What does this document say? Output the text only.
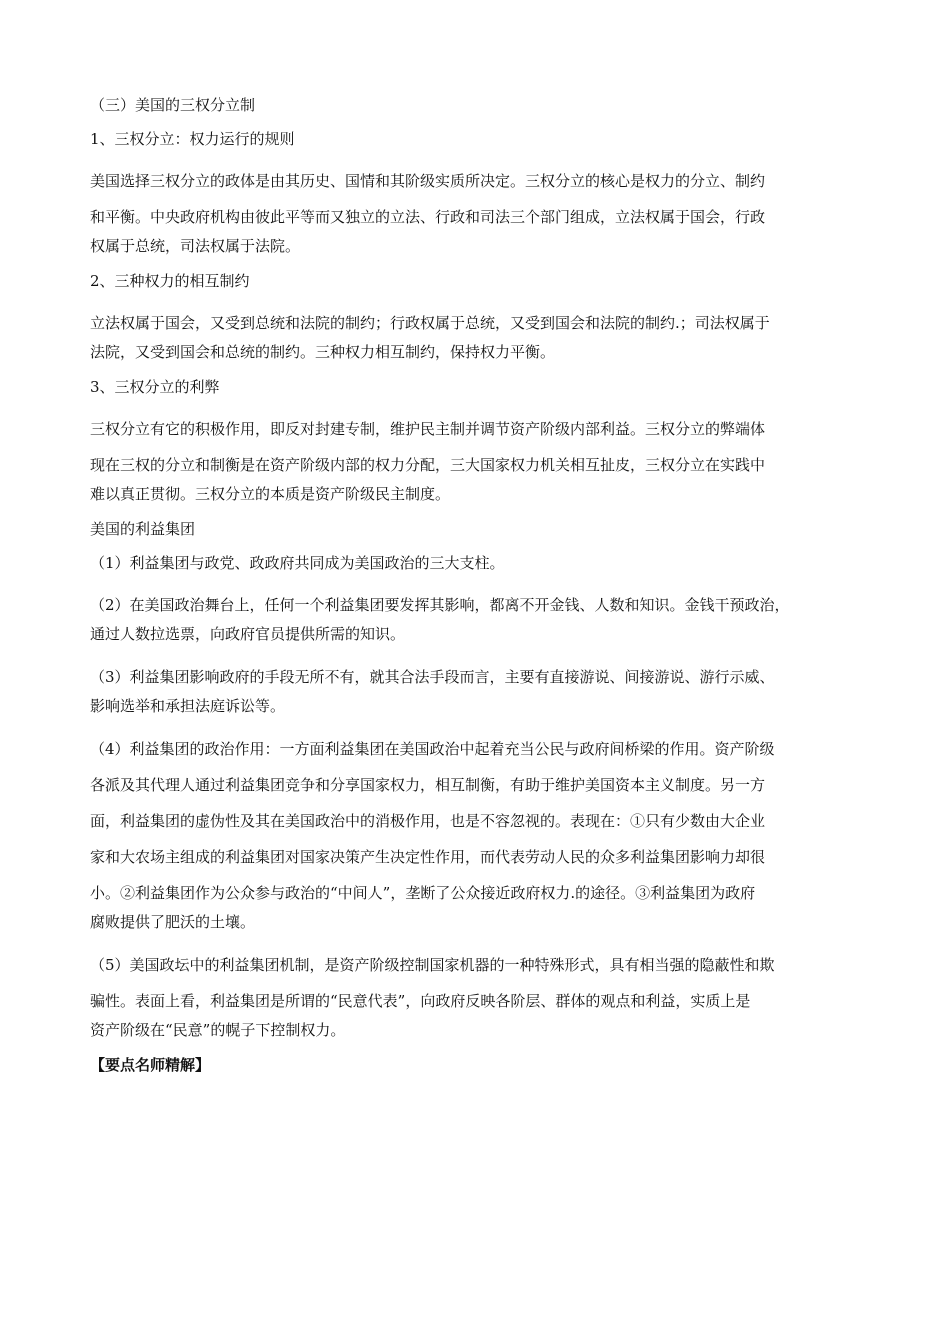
（三）美国的三权分立制
1、三权分立：权力运行的规则
美国选择三权分立的政体是由其历史、国情和其阶级实质所决定。三权分立的核心是权力的分立、制约
和平衡。中央政府机构由彼此平等而又独立的立法、行政和司法三个部门组成，立法权属于国会，行政
权属于总统，司法权属于法院。
2、三种权力的相互制约
立法权属于国会，又受到总统和法院的制约；行政权属于总统，又受到国会和法院的制约.；司法权属于
法院，又受到国会和总统的制约。三种权力相互制约，保持权力平衡。
3、三权分立的利弊
三权分立有它的积极作用，即反对封建专制，维护民主制并调节资产阶级内部利益。三权分立的弊端体
现在三权的分立和制衡是在资产阶级内部的权力分配，三大国家权力机关相互扯皮，三权分立在实践中
难以真正贯彻。三权分立的本质是资产阶级民主制度。
美国的利益集团
（1）利益集团与政党、政政府共同成为美国政治的三大支柱。
（2）在美国政治舞台上，任何一个利益集团要发挥其影响，都离不开金钱、人数和知识。金钱干预政治，
通过人数拉选票，向政府官员提供所需的知识。
（3）利益集团影响政府的手段无所不有，就其合法手段而言，主要有直接游说、间接游说、游行示威、
影响选举和承担法庭诉讼等。
（4）利益集团的政治作用：一方面利益集团在美国政治中起着充当公民与政府间桥梁的作用。资产阶级
各派及其代理人通过利益集团竞争和分享国家权力，相互制衡，有助于维护美国资本主义制度。另一方
面，利益集团的虚伪性及其在美国政治中的消极作用，也是不容忽视的。表现在：①只有少数由大企业
家和大农场主组成的利益集团对国家决策产生决定性作用，而代表劳动人民的众多利益集团影响力却很
小。②利益集团作为公众参与政治的“中间人”，垄断了公众接近政府权力.的途径。③利益集团为政府
腐败提供了肥沃的土壤。
（5）美国政坛中的利益集团机制，是资产阶级控制国家机器的一种特殊形式，具有相当强的隐蔽性和欺
骗性。表面上看，利益集团是所谓的“民意代表”，向政府反映各阶层、群体的观点和利益，实质上是
资产阶级在“民意”的幌子下控制权力。
【要点名师精解】
